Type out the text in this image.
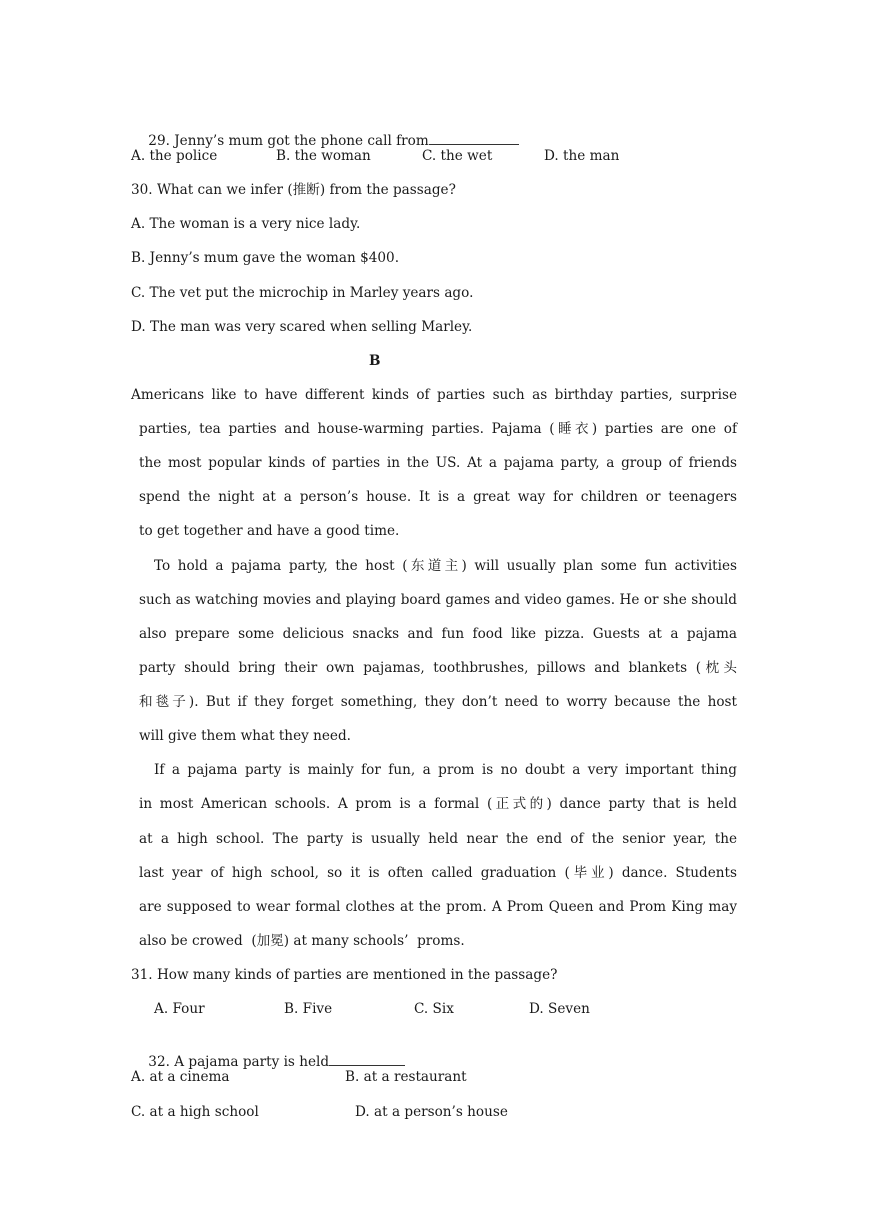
29. Jenny’s mum got the phone call from

A. the police	B. the woman	C. the wet	D. the man
30. What can we infer (推断) from the passage?
A. The woman is a very nice lady.
B. Jenny’s mum gave the woman $400.
C. The vet put the microchip in Marley years ago.
D. The man was very scared when selling Marley.
B
Americans like to have different kinds of parties such as birthday parties, surprise
parties, tea parties and house-warming parties. Pajama (睡衣) parties are one of
the most popular kinds of parties in the US. At a pajama party, a group of friends
spend the night at a person’s house. It is a great way for children or teenagers
to get together and have a good time.
To hold a pajama party, the host (东道主) will usually plan some fun activities
such as watching movies and playing board games and video games. He or she should
also prepare some delicious snacks and fun food like pizza. Guests at a pajama
party should bring their own pajamas, toothbrushes, pillows and blankets (枕头
和毯子). But if they forget something, they don’t need to worry because the host
will give them what they need.
If a pajama party is mainly for fun, a prom is no doubt a very important thing
in most American schools. A prom is a formal (正式的) dance party that is held
at a high school. The party is usually held near the end of the senior year, the
last year of high school, so it is often called graduation (毕业) dance. Students
are supposed to wear formal clothes at the prom. A Prom Queen and Prom King may
also be crowed  (加冕) at many schools’  proms.
31. How many kinds of parties are mentioned in the passage?
A. Four	B. Five	C. Six	D. Seven

32. A pajama party is held

A. at a cinema	B. at a restaurant
C. at a high school	D. at a person’s house
